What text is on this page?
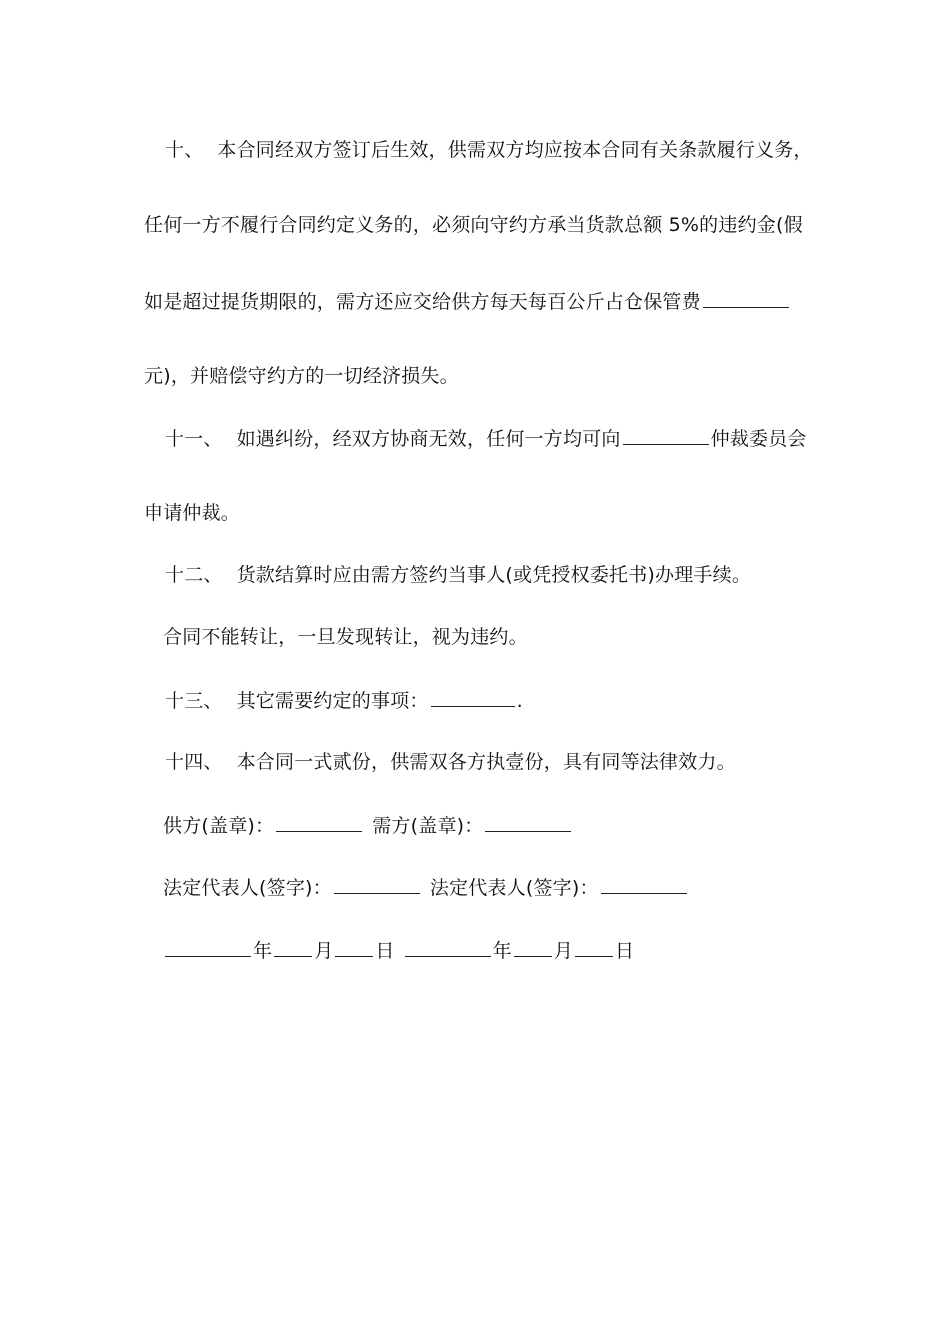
十、 本合同经双方签订后生效，供需双方均应按本合同有关条款履行义务，
任何一方不履行合同约定义务的，必须向守约方承当货款总额 5%的违约金(假
如是超过提货期限的，需方还应交给供方每天每百公斤占仓保管费
元)，并赔偿守约方的一切经济损失。
十一、 如遇纠纷，经双方协商无效，任何一方均可向	仲裁委员会
申请仲裁。
十二、 货款结算时应由需方签约当事人(或凭授权委托书)办理手续。
合同不能转让，一旦发现转让，视为违约。
十三、 其它需要约定的事项：	.
十四、 本合同一式贰份，供需双各方执壹份，具有同等法律效力。
供方(盖章)：	需方(盖章)：
法定代表人(签字)：	法定代表人(签字)：
年 月 日	年 月 日
